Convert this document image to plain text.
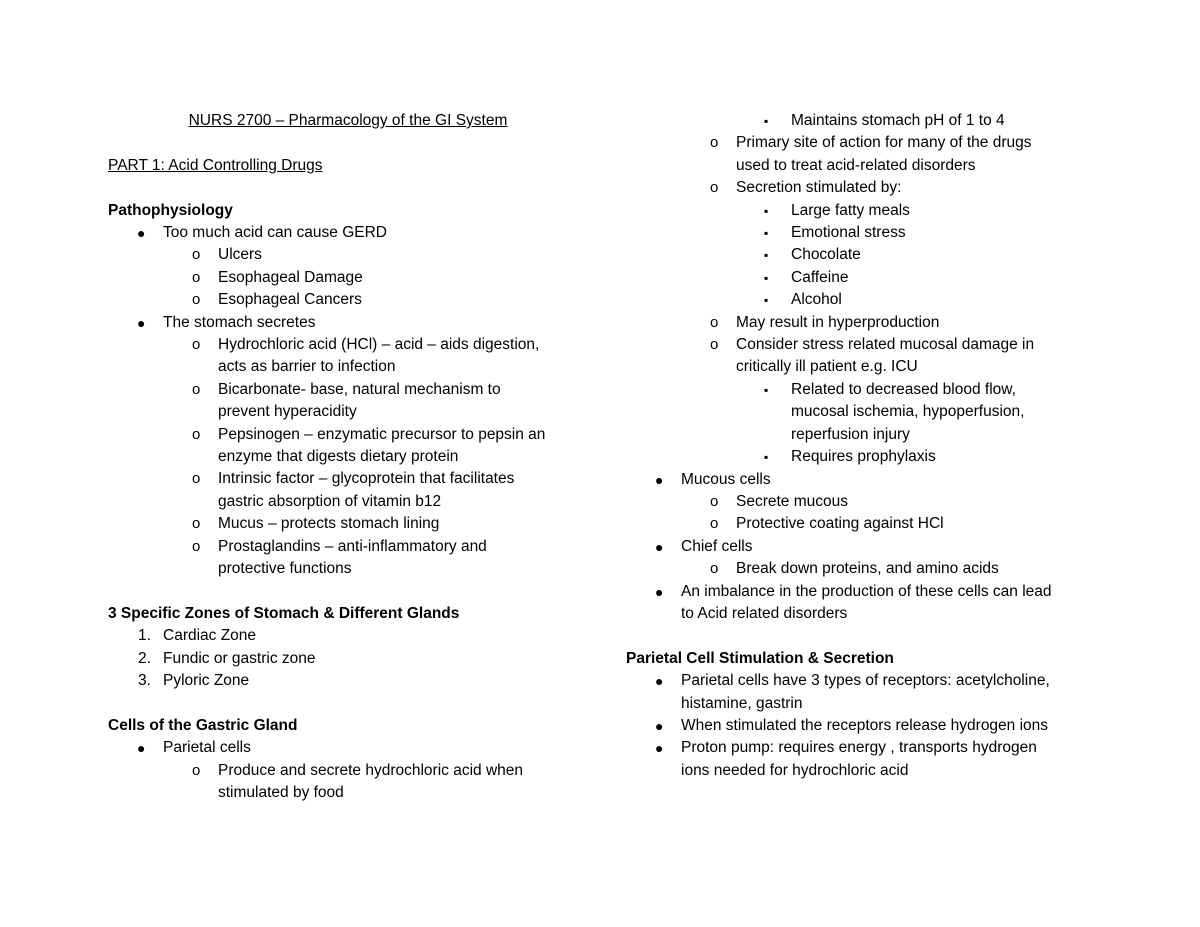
NURS 2700 – Pharmacology of the GI System
PART 1: Acid Controlling Drugs
Pathophysiology
● Too much acid can cause GERD
o Ulcers
o Esophageal Damage
o Esophageal Cancers
● The stomach secretes
o Hydrochloric acid (HCl) – acid – aids digestion,
acts as barrier to infection
o Bicarbonate- base, natural mechanism to
prevent hyperacidity
o Pepsinogen – enzymatic precursor to pepsin an
enzyme that digests dietary protein
o Intrinsic factor – glycoprotein that facilitates
gastric absorption of vitamin b12
o Mucus – protects stomach lining
o Prostaglandins – anti-inflammatory and
protective functions
3 Specific Zones of Stomach & Different Glands
1. Cardiac Zone
2. Fundic or gastric zone
3. Pyloric Zone
Cells of the Gastric Gland
● Parietal cells
o Produce and secrete hydrochloric acid when
stimulated by food
▪ Maintains stomach pH of 1 to 4
o Primary site of action for many of the drugs
used to treat acid-related disorders
o Secretion stimulated by:
▪ Large fatty meals
▪ Emotional stress
▪ Chocolate
▪ Caffeine
▪ Alcohol
o May result in hyperproduction
o Consider stress related mucosal damage in
critically ill patient e.g. ICU
▪ Related to decreased blood flow,
mucosal ischemia, hypoperfusion,
reperfusion injury
▪ Requires prophylaxis
● Mucous cells
o Secrete mucous
o Protective coating against HCl
● Chief cells
o Break down proteins, and amino acids
● An imbalance in the production of these cells can lead
to Acid related disorders
Parietal Cell Stimulation & Secretion
● Parietal cells have 3 types of receptors: acetylcholine,
histamine, gastrin
● When stimulated the receptors release hydrogen ions
● Proton pump: requires energy , transports hydrogen
ions needed for hydrochloric acid
